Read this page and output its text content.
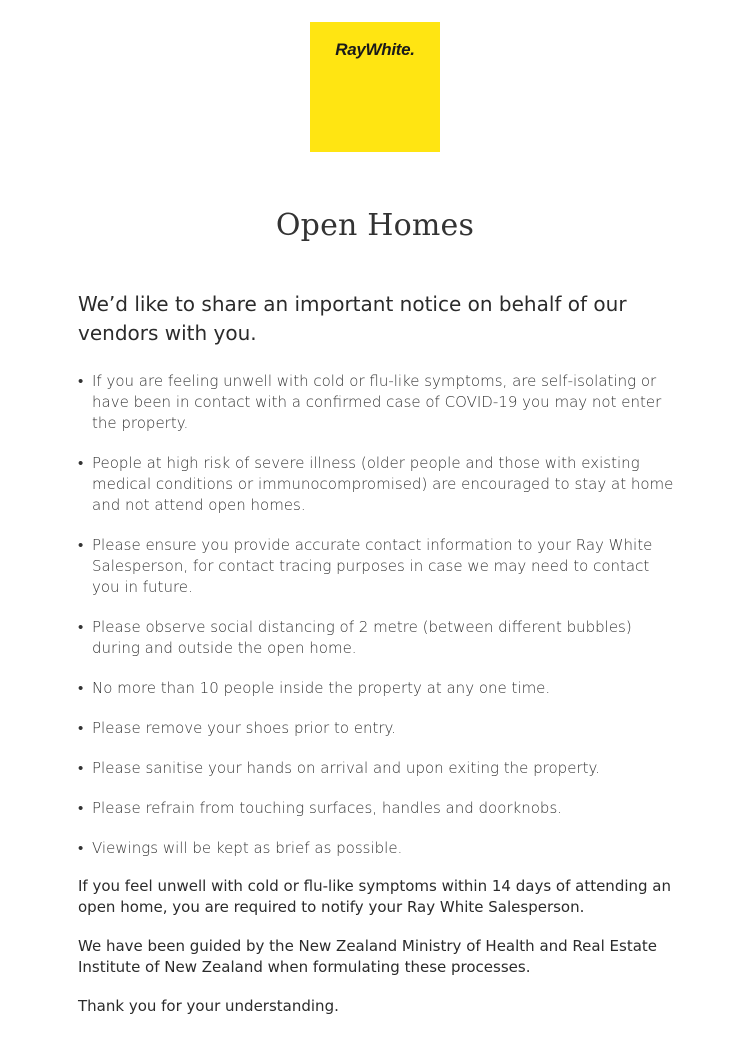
RayWhite.
Open Homes
We’d like to share an important notice on behalf of our vendors with you.
• If you are feeling unwell with cold or flu-like symptoms, are self-isolating or have been in contact with a confirmed case of COVID-19 you may not enter the property.
• People at high risk of severe illness (older people and those with existing medical conditions or immunocompromised) are encouraged to stay at home and not attend open homes.
• Please ensure you provide accurate contact information to your Ray White Salesperson, for contact tracing purposes in case we may need to contact you in future.
• Please observe social distancing of 2 metre (between different bubbles) during and outside the open home.
• No more than 10 people inside the property at any one time.
• Please remove your shoes prior to entry.
• Please sanitise your hands on arrival and upon exiting the property.
• Please refrain from touching surfaces, handles and doorknobs.
• Viewings will be kept as brief as possible.
If you feel unwell with cold or flu-like symptoms within 14 days of attending an open home, you are required to notify your Ray White Salesperson.
We have been guided by the New Zealand Ministry of Health and Real Estate Institute of New Zealand when formulating these processes.
Thank you for your understanding.
